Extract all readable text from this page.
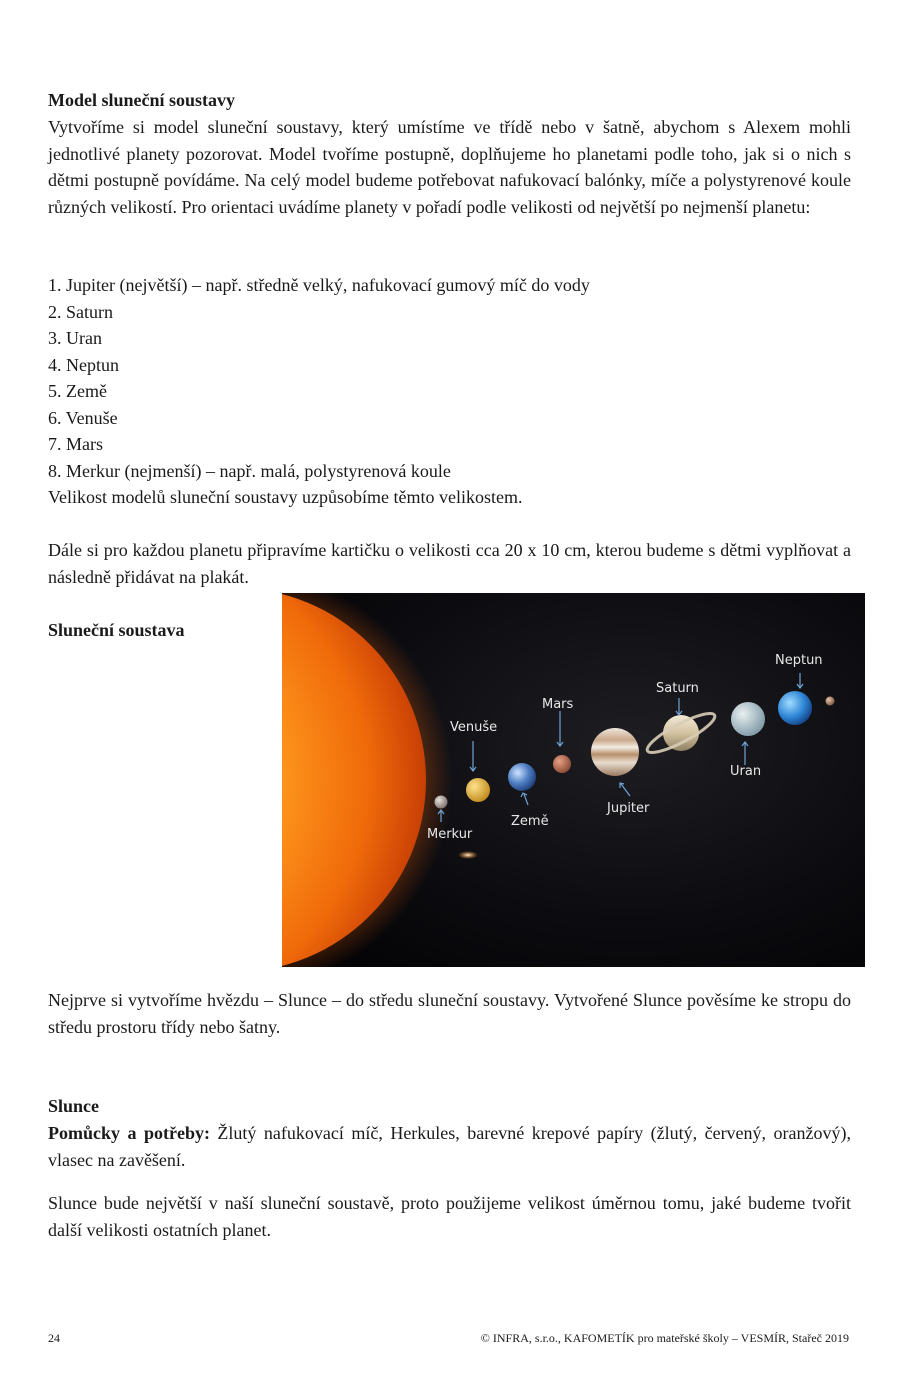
Model sluneční soustavy

Vytvoříme si model sluneční soustavy, který umístíme ve třídě nebo v šatně, abychom s Alexem mohli jednotlivé planety pozorovat. Model tvoříme postupně, doplňujeme ho planetami podle toho, jak si o nich s dětmi postupně povídáme. Na celý model budeme potřebovat nafukovací balónky, míče a polystyrenové koule různých velikostí. Pro orientaci uvádíme planety v pořadí podle velikosti od největší po nejmenší planetu:

1. Jupiter (největší) – např. středně velký, nafukovací gumový míč do vody
2. Saturn
3. Uran
4. Neptun
5. Země
6. Venuše
7. Mars
8. Merkur (nejmenší) – např. malá, polystyrenová koule
Velikost modelů sluneční soustavy uzpůsobíme těmto velikostem.

Dále si pro každou planetu připravíme kartičku o velikosti cca 20 x 10 cm, kterou budeme s dětmi vyplňovat a následně přidávat na plakát.

Sluneční soustava
Merkur
Venuše
Země
Mars
Jupiter
Saturn
Uran
Neptun

Nejprve si vytvoříme hvězdu – Slunce – do středu sluneční soustavy. Vytvořené Slunce pověsíme ke stropu do středu prostoru třídy nebo šatny.

Slunce

Pomůcky a potřeby: Žlutý nafukovací míč, Herkules, barevné krepové papíry (žlutý, červený, oranžový), vlasec na zavěšení.

Slunce bude největší v naší sluneční soustavě, proto použijeme velikost úměrnou tomu, jaké budeme tvořit další velikosti ostatních planet.

24	© INFRA, s.r.o., KAFOMETÍK pro mateřské školy – VESMÍR, Stařeč 2019
